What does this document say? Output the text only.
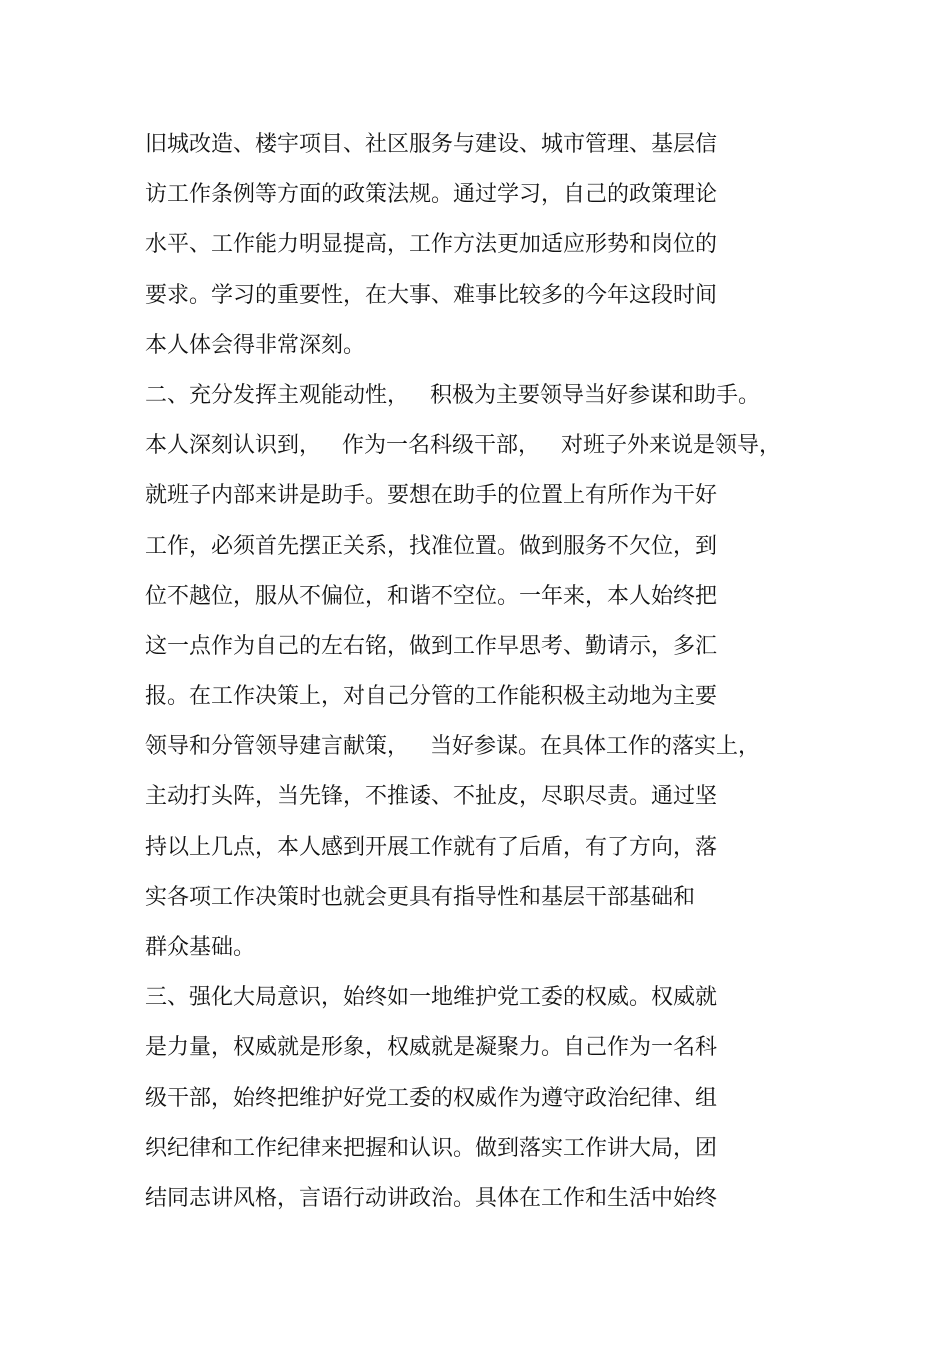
旧城改造、楼宇项目、社区服务与建设、城市管理、基层信
访工作条例等方面的政策法规。通过学习，自己的政策理论
水平、工作能力明显提高，工作方法更加适应形势和岗位的
要求。学习的重要性，在大事、难事比较多的今年这段时间
本人体会得非常深刻。
二、充分发挥主观能动性，   积极为主要领导当好参谋和助手。
本人深刻认识到，   作为一名科级干部，   对班子外来说是领导，
就班子内部来讲是助手。要想在助手的位置上有所作为干好
工作，必须首先摆正关系，找准位置。做到服务不欠位，到
位不越位，服从不偏位，和谐不空位。一年来，本人始终把
这一点作为自己的左右铭，做到工作早思考、勤请示，多汇
报。在工作决策上，对自己分管的工作能积极主动地为主要
领导和分管领导建言献策，   当好参谋。在具体工作的落实上，
主动打头阵，当先锋，不推诿、不扯皮，尽职尽责。通过坚
持以上几点，本人感到开展工作就有了后盾，有了方向，落
实各项工作决策时也就会更具有指导性和基层干部基础和
群众基础。
三、强化大局意识，始终如一地维护党工委的权威。权威就
是力量，权威就是形象，权威就是凝聚力。自己作为一名科
级干部，始终把维护好党工委的权威作为遵守政治纪律、组
织纪律和工作纪律来把握和认识。做到落实工作讲大局，团
结同志讲风格，言语行动讲政治。具体在工作和生活中始终
